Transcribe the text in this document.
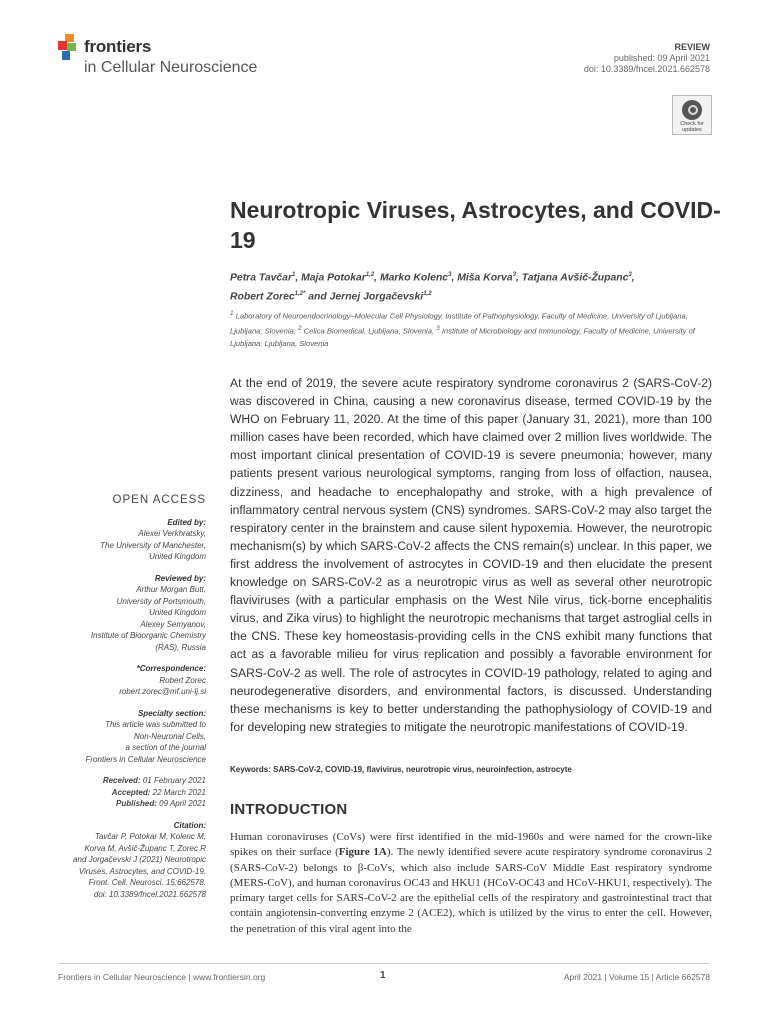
frontiers
in Cellular Neuroscience
REVIEW
published: 09 April 2021
doi: 10.3389/fncel.2021.662578
Check for
updates
Neurotropic Viruses, Astrocytes, and COVID-19
Petra Tavčar$^1$, Maja Potokar$^{1,2}$, Marko Kolenc$^3$, Miša Korva$^3$, Tatjana Avšič-Županc$^3$,
Robert Zorec$^{1,2*}$ and Jernej Jorgačevski$^{1,2}$
$^1$ Laboratory of Neuroendocrinology–Molecular Cell Physiology, Institute of Pathophysiology, Faculty of Medicine, University of Ljubljana, Ljubljana, Slovenia, $^2$ Celica Biomedical, Ljubljana, Slovenia, $^3$ Institute of Microbiology and Immunology, Faculty of Medicine, University of Ljubljana, Ljubljana, Slovenia
At the end of 2019, the severe acute respiratory syndrome coronavirus 2 (SARS-CoV-2) was discovered in China, causing a new coronavirus disease, termed COVID-19 by the WHO on February 11, 2020. At the time of this paper (January 31, 2021), more than 100 million cases have been recorded, which have claimed over 2 million lives worldwide. The most important clinical presentation of COVID-19 is severe pneumonia; however, many patients present various neurological symptoms, ranging from loss of olfaction, nausea, dizziness, and headache to encephalopathy and stroke, with a high prevalence of inflammatory central nervous system (CNS) syndromes. SARS-CoV-2 may also target the respiratory center in the brainstem and cause silent hypoxemia. However, the neurotropic mechanism(s) by which SARS-CoV-2 affects the CNS remain(s) unclear. In this paper, we first address the involvement of astrocytes in COVID-19 and then elucidate the present knowledge on SARS-CoV-2 as a neurotropic virus as well as several other neurotropic flaviviruses (with a particular emphasis on the West Nile virus, tick-borne encephalitis virus, and Zika virus) to highlight the neurotropic mechanisms that target astroglial cells in the CNS. These key homeostasis-providing cells in the CNS exhibit many functions that act as a favorable milieu for virus replication and possibly a favorable environment for SARS-CoV-2 as well. The role of astrocytes in COVID-19 pathology, related to aging and neurodegenerative disorders, and environmental factors, is discussed. Understanding these mechanisms is key to better understanding the pathophysiology of COVID-19 and for developing new strategies to mitigate the neurotropic manifestations of COVID-19.
Keywords: SARS-CoV-2, COVID-19, flavivirus, neurotropic virus, neuroinfection, astrocyte
INTRODUCTION
Human coronaviruses (CoVs) were first identified in the mid-1960s and were named for the crown-like spikes on their surface (Figure 1A). The newly identified severe acute respiratory syndrome coronavirus 2 (SARS-CoV-2) belongs to β-CoVs, which also include SARS-CoV Middle East respiratory syndrome (MERS-CoV), and human coronavirus OC43 and HKU1 (HCoV-OC43 and HCoV-HKU1, respectively). The primary target cells for SARS-CoV-2 are the epithelial cells of the respiratory and gastrointestinal tract that contain angiotensin-converting enzyme 2 (ACE2), which is utilized by the virus to enter the cell. However, the penetration of this viral agent into the
OPEN ACCESS
Edited by:
Alexei Verkhratsky,
The University of Manchester,
United Kingdom
Reviewed by:
Arthur Morgan Butt,
University of Portsmouth,
United Kingdom
Alexey Semyanov,
Institute of Bioorganic Chemistry
(RAS), Russia
*Correspondence:
Robert Zorec
robert.zorec@mf.uni-lj.si
Specialty section:
This article was submitted to
Non-Neuronal Cells,
a section of the journal
Frontiers in Cellular Neuroscience
Received: 01 February 2021
Accepted: 22 March 2021
Published: 09 April 2021
Citation:
Tavčar P, Potokar M, Kolenc M,
Korva M, Avšič-Županc T, Zorec R
and Jorgačevski J (2021) Neurotropic
Viruses, Astrocytes, and COVID-19.
Front. Cell. Neurosci. 15:662578.
doi: 10.3389/fncel.2021.662578
Frontiers in Cellular Neuroscience | www.frontiersin.org	1	April 2021 | Volume 15 | Article 662578
